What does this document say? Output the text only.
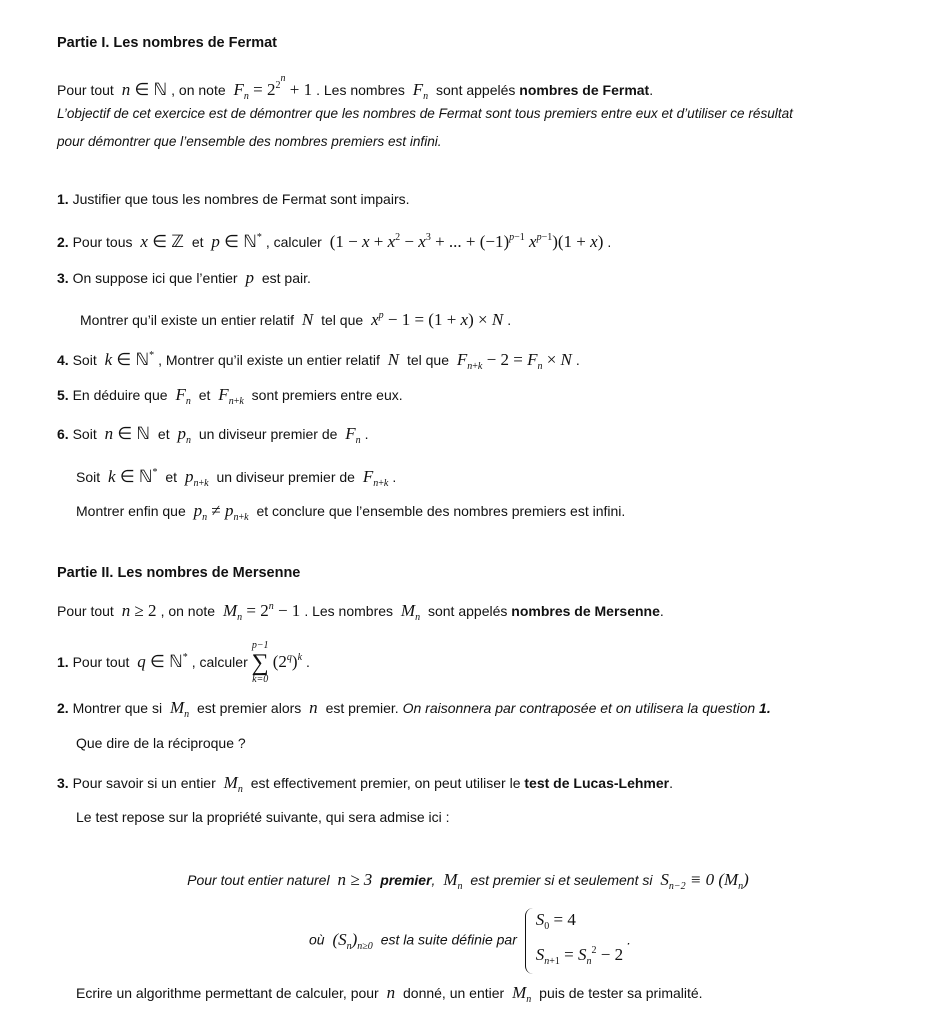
Partie I. Les nombres de Fermat
Pour tout n ∈ ℕ , on note $F_n = 2^{2^n} + 1$ . Les nombres $F_n$ sont appelés nombres de Fermat.
L’objectif de cet exercice est de démontrer que les nombres de Fermat sont tous premiers entre eux et d’utiliser ce résultat
pour démontrer que l’ensemble des nombres premiers est infini.
1. Justifier que tous les nombres de Fermat sont impairs.
2. Pour tous x ∈ ℤ et p ∈ ℕ* , calculer ($1 - x + x^2 - x^3$ + ... + $(-1)^{p-1}$ $x^{p-1})(1 + x)$ .
3. On suppose ici que l’entier p est pair.
Montrer qu’il existe un entier relatif N tel que $x^p - 1 = (1 + x) \times N$ .
4. Soit k ∈ ℕ* , Montrer qu’il existe un entier relatif N tel que $F_{n+k} - 2 = F_n \times N$ .
5. En déduire que $F_n$ et $F_{n+k}$ sont premiers entre eux.
6. Soit n ∈ ℕ et $p_n$ un diviseur premier de $F_n$ .
Soit k ∈ ℕ* et $p_{n+k}$ un diviseur premier de $F_{n+k}$ .
Montrer enfin que $p_n \ne p_{n+k}$ et conclure que l’ensemble des nombres premiers est infini.
Partie II. Les nombres de Mersenne
Pour tout n ≥ 2 , on note $M_n = 2^n - 1$ . Les nombres $M_n$ sont appelés nombres de Mersenne.
1. Pour tout q ∈ ℕ* , calculer
p−1
∑
k=0
$(2^q)^k$ .
2. Montrer que si $M_n$ est premier alors n est premier. On raisonnera par contraposée et on utilisera la question 1.
Que dire de la réciproque ?
3. Pour savoir si un entier $M_n$ est effectivement premier, on peut utiliser le test de Lucas-Lehmer.
Le test repose sur la propriété suivante, qui sera admise ici :
Pour tout entier naturel n ≥ 3 premier, $M_n$ est premier si et seulement si $S_{n-2} \equiv 0$ $(M_n)$
où $(S_n)_{n\ge 0}$ est la suite définie par
$S_0 = 4$
$S_{n+1} = S_n^2 - 2$
.
Ecrire un algorithme permettant de calculer, pour n donné, un entier $M_n$ puis de tester sa primalité.
